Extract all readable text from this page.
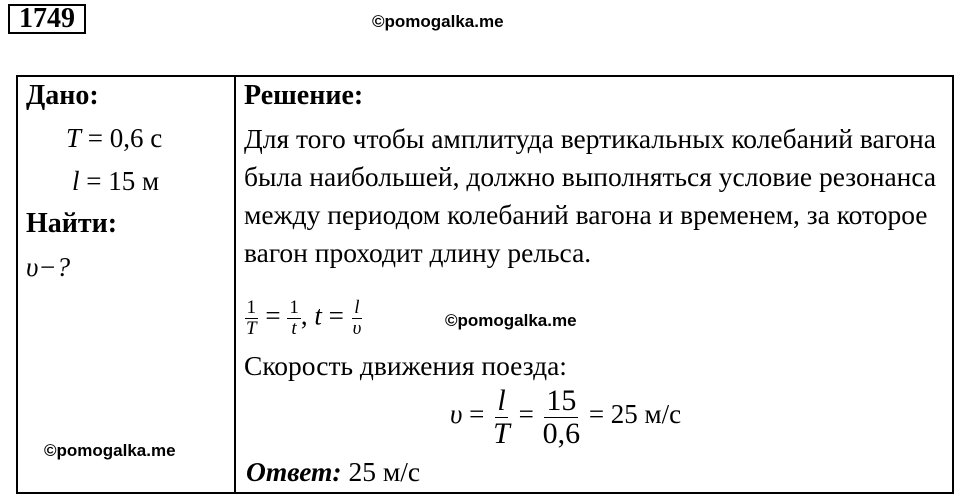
1749	©pomogalka.me
Дано:
T = 0,6 с
l = 15 м
Найти:
υ−?
©pomogalka.me
Решение:
Для того чтобы амплитуда вертикальных колебаний вагона была наибольшей, должно выполняться условие резонанса между периодом колебаний вагона и временем, за которое вагон проходит длину рельса.
$\frac{1}{T} = \frac{1}{t}$ , $t = \frac{l}{\upsilon}$	©pomogalka.me
Скорость движения поезда:
$\upsilon = \frac{l}{T} = \frac{15}{0,6} = 25$ м/с
Ответ: 25 м/с
